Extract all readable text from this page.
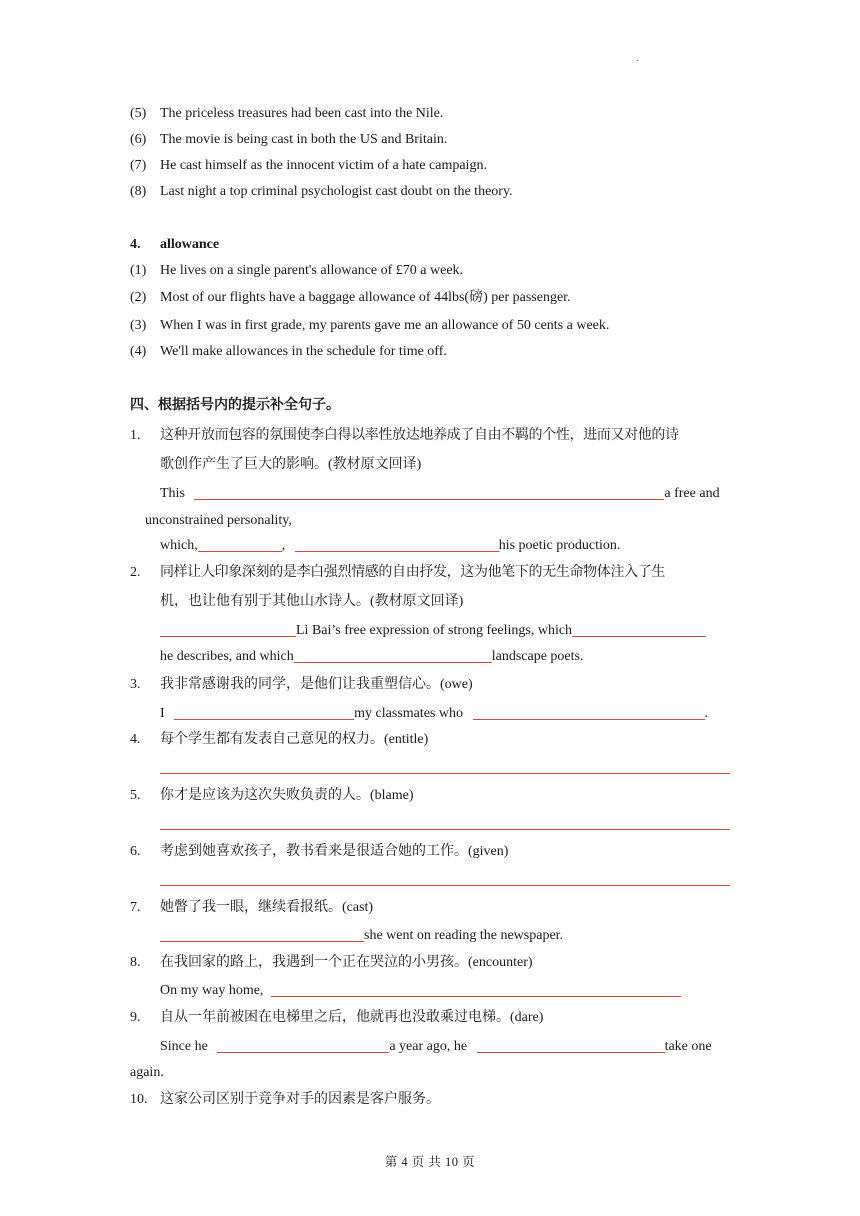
·
(5) The priceless treasures had been cast into the Nile.
(6) The movie is being cast in both the US and Britain.
(7) He cast himself as the innocent victim of a hate campaign.
(8) Last night a top criminal psychologist cast doubt on the theory.
4. allowance
(1) He lives on a single parent's allowance of £70 a week.
(2) Most of our flights have a baggage allowance of 44lbs(磅) per passenger.
(3) When I was in first grade, my parents gave me an allowance of 50 cents a week.
(4) We'll make allowances in the schedule for time off.
四、根据括号内的提示补全句子。
1. 这种开放而包容的氛围使李白得以率性放达地养成了自由不羁的个性，进而又对他的诗
歌创作产生了巨大的影响。(教材原文回译)
This	a free and
unconstrained personality,
which,	,	his poetic production.
2. 同样让人印象深刻的是李白强烈情感的自由抒发，这为他笔下的无生命物体注入了生
机，也让他有别于其他山水诗人。(教材原文回译)
Li Bai’s free expression of strong feelings, which
he describes, and which	landscape poets.
3. 我非常感谢我的同学，是他们让我重塑信心。(owe)
I	my classmates who	.
4. 每个学生都有发表自己意见的权力。(entitle)
5. 你才是应该为这次失败负责的人。(blame)
6. 考虑到她喜欢孩子，教书看来是很适合她的工作。(given)
7. 她瞥了我一眼，继续看报纸。(cast)
she went on reading the newspaper.
8. 在我回家的路上，我遇到一个正在哭泣的小男孩。(encounter)
On my way home,
9. 自从一年前被困在电梯里之后，他就再也没敢乘过电梯。(dare)
Since he	a year ago, he	take one
again.
10. 这家公司区别于竞争对手的因素是客户服务。
第 4 页 共 10 页
